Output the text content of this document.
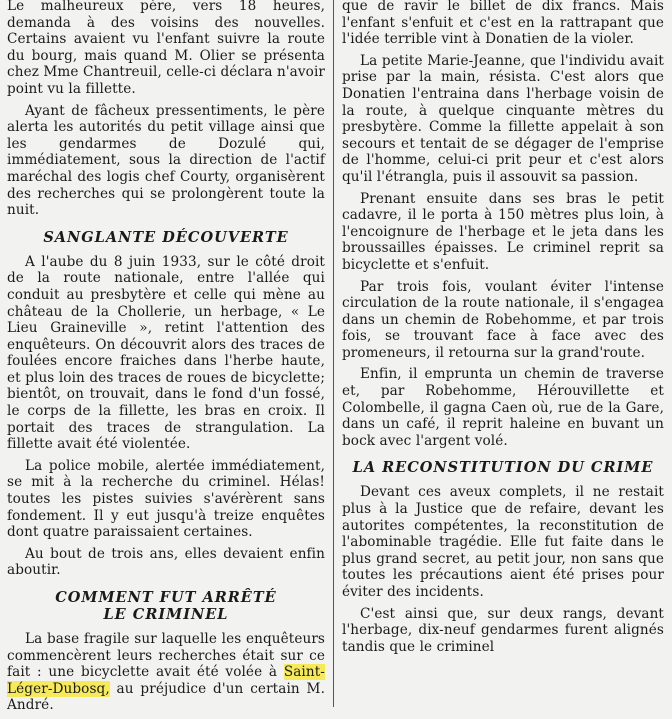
Le malheureux père, vers 18 heures, demanda à des voisins des nouvelles. Certains avaient vu l'enfant suivre la route du bourg, mais quand M. Olier se présenta chez Mme Chantreuil, celle-ci déclara n'avoir point vu la fillette.

Ayant de fâcheux pressentiments, le père alerta les autorités du petit village ainsi que les gendarmes de Dozulé qui, immédiatement, sous la direction de l'actif maréchal des logis chef Courty, organisèrent des recherches qui se prolongèrent toute la nuit.

SANGLANTE DÉCOUVERTE

A l'aube du 8 juin 1933, sur le côté droit de la route nationale, entre l'allée qui conduit au presbytère et celle qui mène au château de la Chollerie, un herbage, « Le Lieu Graineville », retint l'attention des enquêteurs. On découvrit alors des traces de foulées encore fraiches dans l'herbe haute, et plus loin des traces de roues de bicyclette; bientôt, on trouvait, dans le fond d'un fossé, le corps de la fillette, les bras en croix. Il portait des traces de strangulation. La fillette avait été violentée.

La police mobile, alertée immédiatement, se mit à la recherche du criminel. Hélas! toutes les pistes suivies s'avérèrent sans fondement. Il y eut jusqu'à treize enquêtes dont quatre paraissaient certaines.

Au bout de trois ans, elles devaient enfin aboutir.

COMMENT FUT ARRÊTÉ
LE CRIMINEL

La base fragile sur laquelle les enquêteurs commencèrent leurs recherches était sur ce fait : une bicyclette avait été volée à Saint-Léger-Dubosq, au préjudice d'un certain M. André.

que de ravir le billet de dix francs. Mais l'enfant s'enfuit et c'est en la rattrapant que l'idée terrible vint à Donatien de la violer.

La petite Marie-Jeanne, que l'individu avait prise par la main, résista. C'est alors que Donatien l'entraina dans l'herbage voisin de la route, à quelque cinquante mètres du presbytère. Comme la fillette appelait à son secours et tentait de se dégager de l'emprise de l'homme, celui-ci prit peur et c'est alors qu'il l'étrangla, puis il assouvit sa passion.

Prenant ensuite dans ses bras le petit cadavre, il le porta à 150 mètres plus loin, à l'encoignure de l'herbage et le jeta dans les broussailles épaisses. Le criminel reprit sa bicyclette et s'enfuit.

Par trois fois, voulant éviter l'intense circulation de la route nationale, il s'engagea dans un chemin de Robehomme, et par trois fois, se trouvant face à face avec des promeneurs, il retourna sur la grand'route.

Enfin, il emprunta un chemin de traverse et, par Robehomme, Hérouvillette et Colombelle, il gagna Caen où, rue de la Gare, dans un café, il reprit haleine en buvant un bock avec l'argent volé.

LA RECONSTITUTION DU CRIME

Devant ces aveux complets, il ne restait plus à la Justice que de refaire, devant les autorites compétentes, la reconstitution de l'abominable tragédie. Elle fut faite dans le plus grand secret, au petit jour, non sans que toutes les précautions aient été prises pour éviter des incidents.

C'est ainsi que, sur deux rangs, devant l'herbage, dix-neuf gendarmes furent alignés tandis que le criminel
